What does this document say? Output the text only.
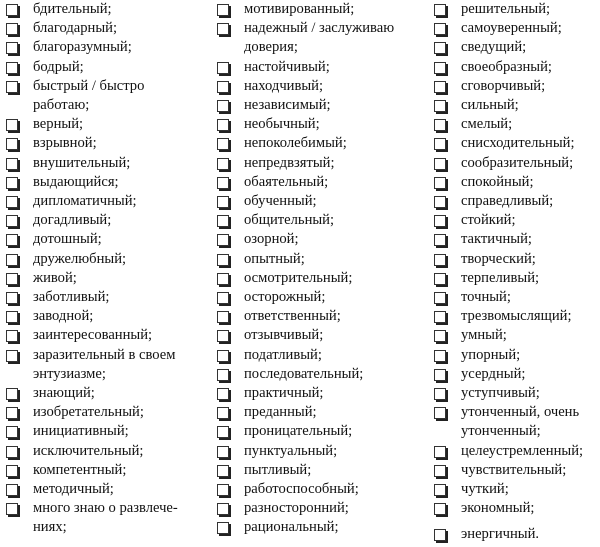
бдительный;
благодарный;
благоразумный;
бодрый;
быстрый / быстро
работаю;
верный;
взрывной;
внушительный;
выдающийся;
дипломатичный;
догадливый;
дотошный;
дружелюбный;
живой;
заботливый;
заводной;
заинтересованный;
заразительный в своем
энтузиазме;
знающий;
изобретательный;
инициативный;
исключительный;
компетентный;
методичный;
много знаю о развлече-
ниях;
мотивированный;
надежный / заслуживаю
доверия;
настойчивый;
находчивый;
независимый;
необычный;
непоколебимый;
непредвзятый;
обаятельный;
обученный;
общительный;
озорной;
опытный;
осмотрительный;
осторожный;
ответственный;
отзывчивый;
податливый;
последовательный;
практичный;
преданный;
проницательный;
пунктуальный;
пытливый;
работоспособный;
разносторонний;
рациональный;
решительный;
самоуверенный;
сведущий;
своеобразный;
сговорчивый;
сильный;
смелый;
снисходительный;
сообразительный;
спокойный;
справедливый;
стойкий;
тактичный;
творческий;
терпеливый;
точный;
трезвомыслящий;
умный;
упорный;
усердный;
уступчивый;
утонченный, очень
утонченный;
целеустремленный;
чувствительный;
чуткий;
экономный;
энергичный.
